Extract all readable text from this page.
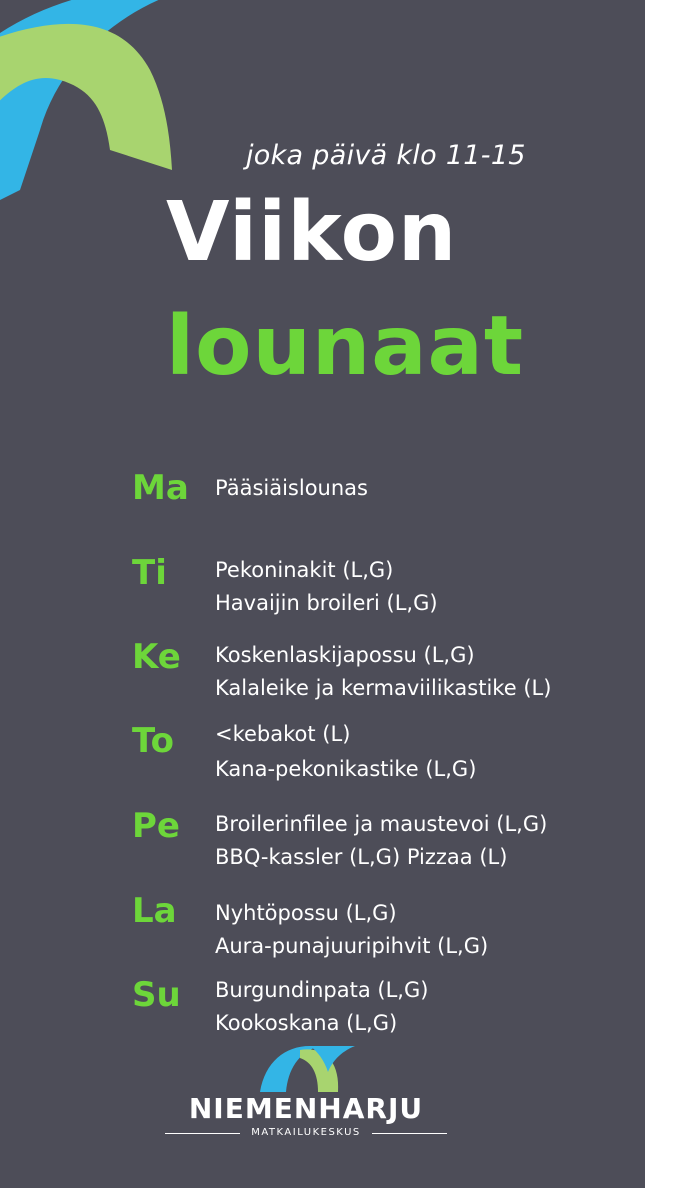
joka päivä klo 11-15
Viikon
lounaat
Ma Pääsiäislounas
Ti Pekoninakit (L,G)
Havaijin broileri (L,G)
Ke Koskenlaskijapossu (L,G)
Kalaleike ja kermaviilikastike (L)
To <kebakot (L)
Kana-pekonikastike (L,G)
Pe Broilerinfilee ja maustevoi (L,G)
BBQ-kassler (L,G) Pizzaa (L)
La Nyhtöpossu (L,G)
Aura-punajuuripihvit (L,G)
Su Burgundinpata (L,G)
Kookoskana (L,G)
NIEMENHARJU
MATKAILUKESKUS
